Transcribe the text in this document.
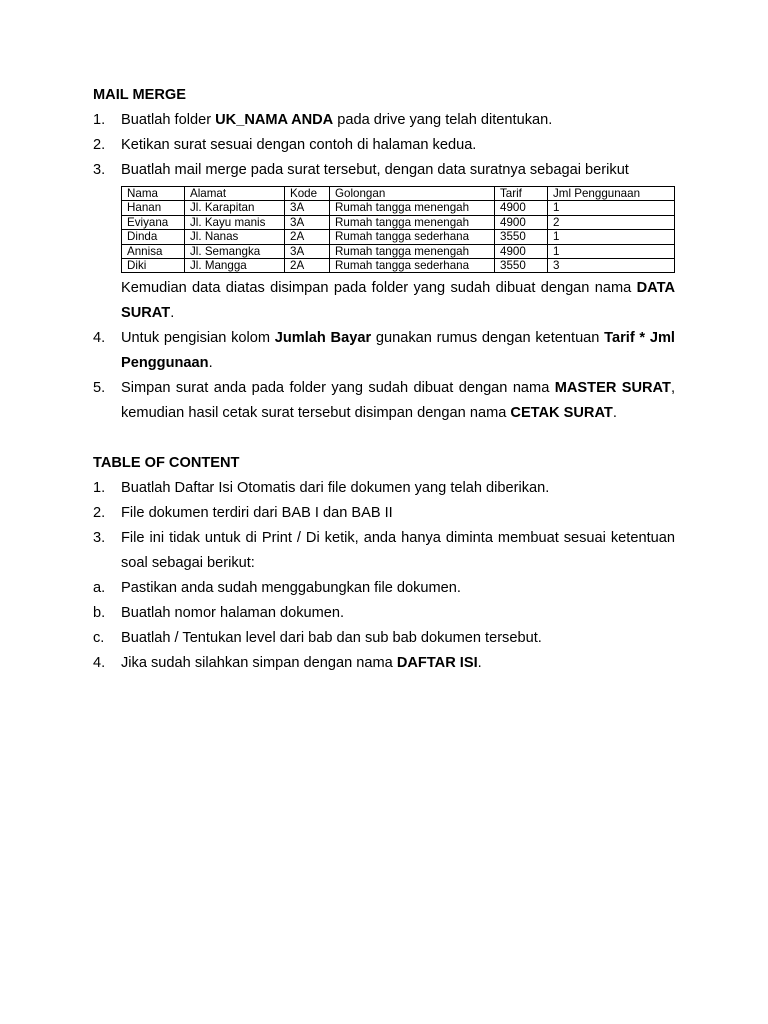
MAIL MERGE
1.	Buatlah folder UK_NAMA ANDA pada drive yang telah ditentukan.
2.	Ketikan surat sesuai dengan contoh di halaman kedua.
3.	Buatlah mail merge pada surat tersebut, dengan data suratnya sebagai berikut
Nama	Alamat	Kode	Golongan	Tarif	Jml Penggunaan
Hanan	Jl. Karapitan	3A	Rumah tangga menengah	4900	1
Eviyana	Jl. Kayu manis	3A	Rumah tangga menengah	4900	2
Dinda	Jl. Nanas	2A	Rumah tangga sederhana	3550	1
Annisa	Jl. Semangka	3A	Rumah tangga menengah	4900	1
Diki	Jl. Mangga	2A	Rumah tangga sederhana	3550	3
Kemudian data diatas disimpan pada folder yang sudah dibuat dengan nama DATA SURAT.
4.	Untuk pengisian kolom Jumlah Bayar gunakan rumus dengan ketentuan Tarif * Jml Penggunaan.
5.	Simpan surat anda pada folder yang sudah dibuat dengan nama MASTER SURAT, kemudian hasil cetak surat tersebut disimpan dengan nama CETAK SURAT.
TABLE OF CONTENT
1.	Buatlah Daftar Isi Otomatis dari file dokumen yang telah diberikan.
2.	File dokumen terdiri dari BAB I dan BAB II
3.	File ini tidak untuk di Print / Di ketik, anda hanya diminta membuat sesuai ketentuan soal sebagai berikut:
a.	Pastikan anda sudah menggabungkan file dokumen.
b.	Buatlah nomor halaman dokumen.
c.	Buatlah / Tentukan level dari bab dan sub bab dokumen tersebut.
4.	Jika sudah silahkan simpan dengan nama DAFTAR ISI.
